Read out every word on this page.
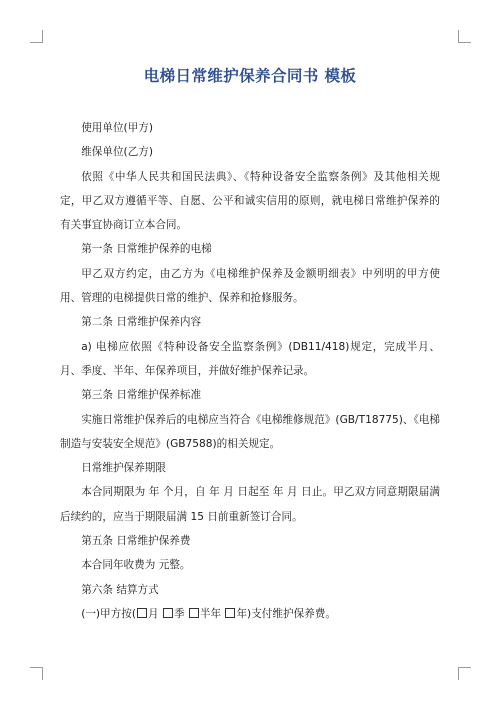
电梯日常维护保养合同书 模板

使用单位(甲方)

维保单位(乙方)

依照《中华人民共和国民法典》、《特种设备安全监察条例》及其他相关规定，甲乙双方遵循平等、自愿、公平和诚实信用的原则，就电梯日常维护保养的有关事宜协商订立本合同。

第一条 日常维护保养的电梯

甲乙双方约定，由乙方为《电梯维护保养及金额明细表》中列明的甲方使用、管理的电梯提供日常的维护、保养和抢修服务。

第二条 日常维护保养内容

a) 电梯应依照《特种设备安全监察条例》(DB11/418)规定，完成半月、月、季度、半年、年保养项目，并做好维护保养记录。

第三条 日常维护保养标准

实施日常维护保养后的电梯应当符合《电梯维修规范》(GB/T18775)、《电梯制造与安装安全规范》(GB7588)的相关规定。

日常维护保养期限

本合同期限为 年 个月，自 年 月 日起至 年 月 日止。甲乙双方同意期限届满后续约的，应当于期限届满 15 日前重新签订合同。

第五条 日常维护保养费

本合同年收费为 元整。

第六条 结算方式

(一)甲方按( 月 季 半年 年)支付维护保养费。
